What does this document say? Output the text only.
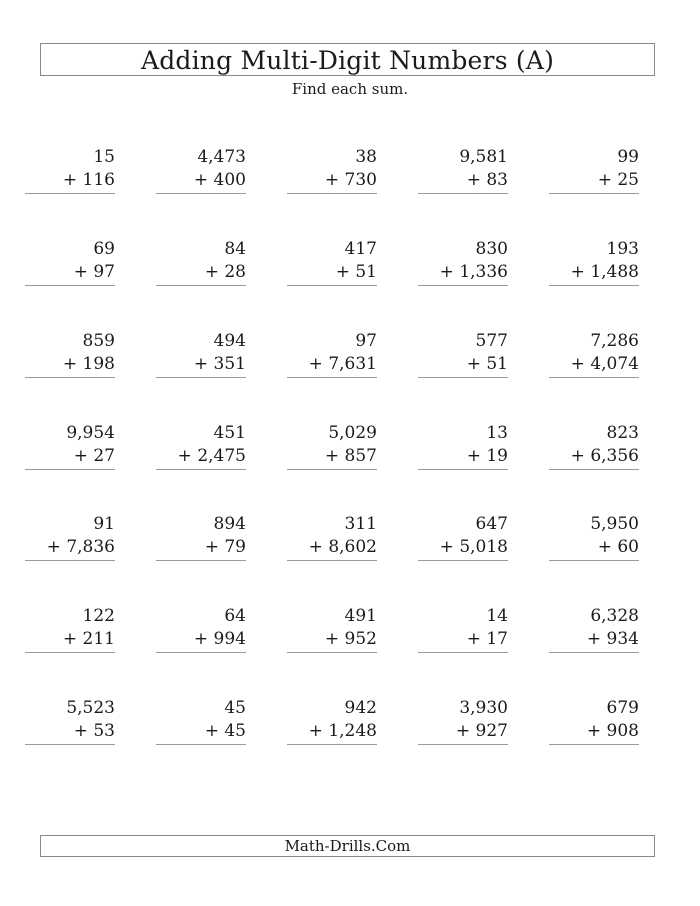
Adding Multi-Digit Numbers (A)
Find each sum.
15
+ 116
4,473
+ 400
38
+ 730
9,581
+ 83
99
+ 25
69
+ 97
84
+ 28
417
+ 51
830
+ 1,336
193
+ 1,488
859
+ 198
494
+ 351
97
+ 7,631
577
+ 51
7,286
+ 4,074
9,954
+ 27
451
+ 2,475
5,029
+ 857
13
+ 19
823
+ 6,356
91
+ 7,836
894
+ 79
311
+ 8,602
647
+ 5,018
5,950
+ 60
122
+ 211
64
+ 994
491
+ 952
14
+ 17
6,328
+ 934
5,523
+ 53
45
+ 45
942
+ 1,248
3,930
+ 927
679
+ 908
Math-Drills.Com
